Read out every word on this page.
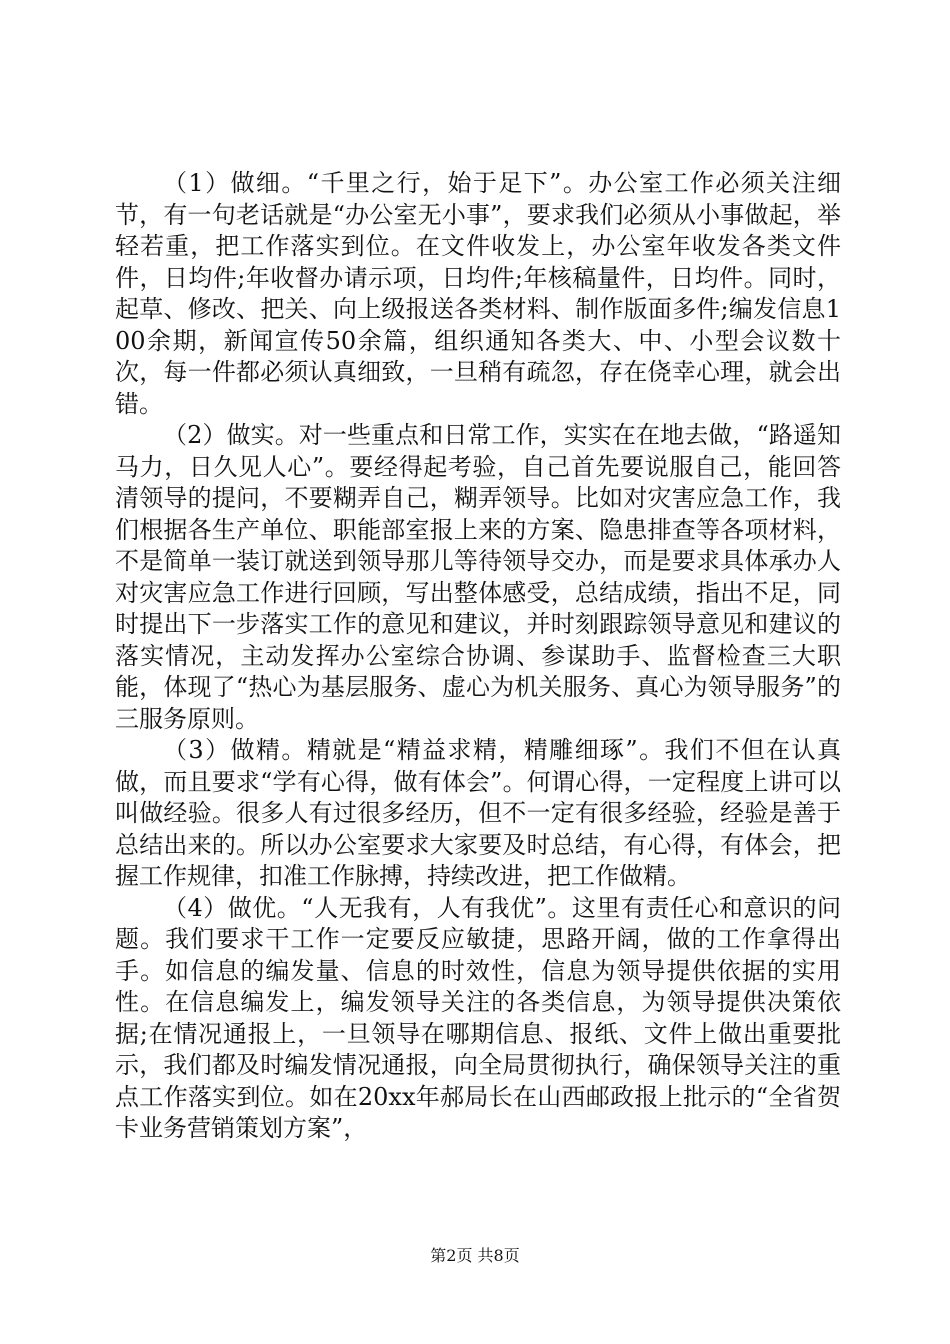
（1）做细。“千里之行，始于足下”。办公室工作必须关注细节，有一句老话就是“办公室无小事”，要求我们必须从小事做起，举轻若重，把工作落实到位。在文件收发上，办公室年收发各类文件件，日均件;年收督办请示项，日均件;年核稿量件，日均件。同时，起草、修改、把关、向上级报送各类材料、制作版面多件;编发信息100余期，新闻宣传50余篇，组织通知各类大、中、小型会议数十次，每一件都必须认真细致，一旦稍有疏忽，存在侥幸心理，就会出错。

（2）做实。对一些重点和日常工作，实实在在地去做，“路遥知马力，日久见人心”。要经得起考验，自己首先要说服自己，能回答清领导的提问，不要糊弄自己，糊弄领导。比如对灾害应急工作，我们根据各生产单位、职能部室报上来的方案、隐患排查等各项材料，不是简单一装订就送到领导那儿等待领导交办，而是要求具体承办人对灾害应急工作进行回顾，写出整体感受，总结成绩，指出不足，同时提出下一步落实工作的意见和建议，并时刻跟踪领导意见和建议的落实情况，主动发挥办公室综合协调、参谋助手、监督检查三大职能，体现了“热心为基层服务、虚心为机关服务、真心为领导服务”的三服务原则。

（3）做精。精就是“精益求精，精雕细琢”。我们不但在认真做，而且要求“学有心得，做有体会”。何谓心得，一定程度上讲可以叫做经验。很多人有过很多经历，但不一定有很多经验，经验是善于总结出来的。所以办公室要求大家要及时总结，有心得，有体会，把握工作规律，扣准工作脉搏，持续改进，把工作做精。

（4）做优。“人无我有，人有我优”。这里有责任心和意识的问题。我们要求干工作一定要反应敏捷，思路开阔，做的工作拿得出手。如信息的编发量、信息的时效性，信息为领导提供依据的实用性。在信息编发上，编发领导关注的各类信息，为领导提供决策依据;在情况通报上，一旦领导在哪期信息、报纸、文件上做出重要批示，我们都及时编发情况通报，向全局贯彻执行，确保领导关注的重点工作落实到位。如在20xx年郝局长在山西邮政报上批示的“全省贺卡业务营销策划方案”，

第2页 共8页
